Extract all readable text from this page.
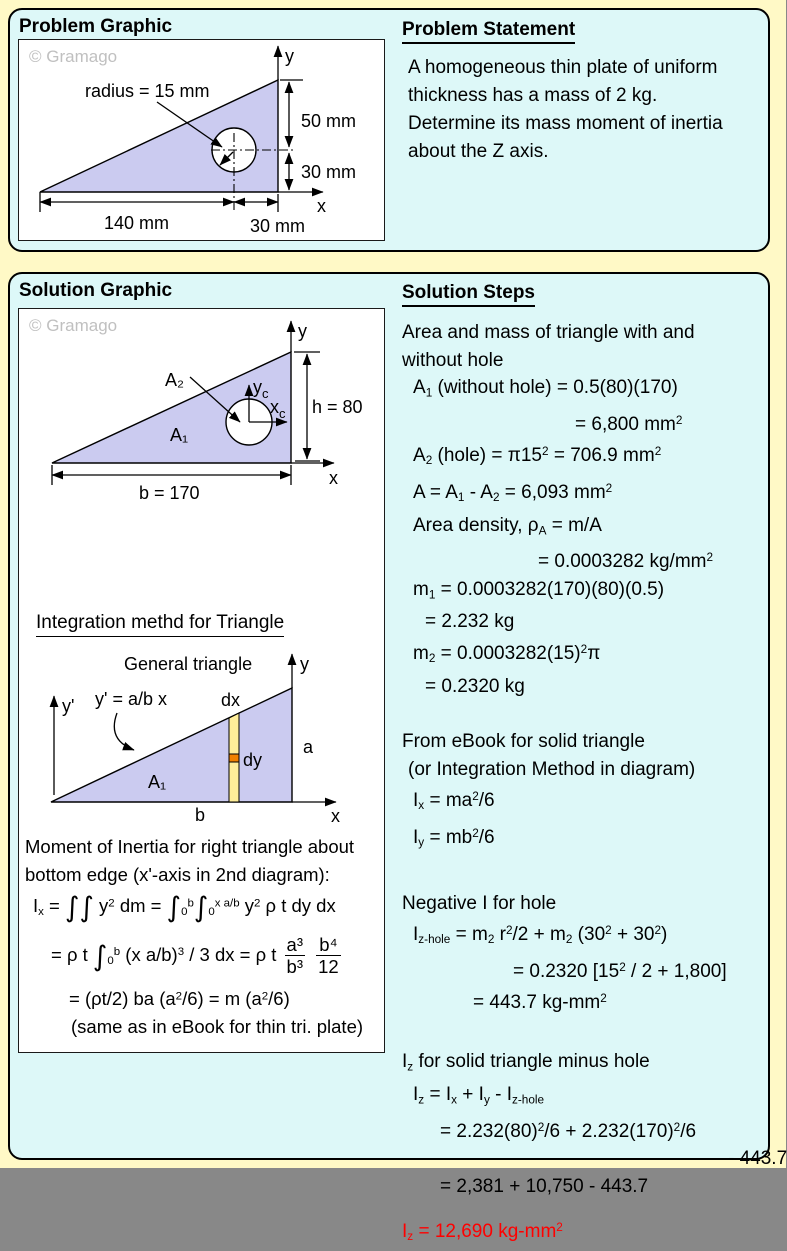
Problem Graphic
© Gramago	y
x
50 mm
30 mm
radius = 15 mm
140 mm	30 mm
Problem Statement
A homogeneous thin plate of uniform
thickness has a mass of 2 kg.
Determine its mass moment of inertia
about the Z axis.
Solution Graphic
© Gramago
$y_c$
$x_c$
A₂
A₁
y
x
h = 80
b = 170
Integration methd for Triangle
General triangle	y
y'
x
y' = a/b x	dx
dy
A₁
a
b
Moment of Inertia for right triangle about
bottom edge (x'-axis in 2nd diagram):
$I_x$ = ∫∫ $y^2$ dm = $\int_0^b\int_0^{x a/b}$ $y^2$ ρ t dy dx
= ρ t $\int_0^b$ (x a/b)$^3$ / 3 dx = ρ t $\frac{\text{a³}}{\text{b³}}$
$\frac{\text{b⁴}}{12}$
= (ρt/2) ba $(a^2/6) = m$ $(a^2/6)$
(same as in eBook for thin tri. plate)
Solution Steps
Area and mass of triangle with and
without hole
$A_1$ (without hole) = 0.5(80)(170)
= 6,800 $mm^2$
$A_2$ (hole) = $\pi 15^2 = 706.9$ $mm^2$
$A = A_1 - A_2 = 6,093$ $mm^2$
Area density, $\rho_A = m/A$
= 0.0003282 $kg/mm^2$
$m_1 = 0.0003282(170)(80)(0.5)$
= 2.232 kg
$m_2 = 0.0003282(15)^2\pi$
= 0.2320 kg
From eBook for solid triangle
(or Integration Method in diagram)
$I_x = ma^2/6$
$I_y = mb^2/6$
Negative I for hole
$I_{z-hole} = m_2$ $r^2/2 + m_2$ $(30^2 + 30^2)$
= 0.2320 $[15^2 / 2 + 1,800]$
= 443.7 $kg-mm^2$
$I_z$ for solid triangle minus hole
$I_z = I_x + I_y - I_{z-hole}$
= $2.232(80)^2/6 + 2.232(170)^2/6$
- 443.7
= 2,381 + 10,750 - 443.7
$I_z = 12,690$ $kg-mm^2$
